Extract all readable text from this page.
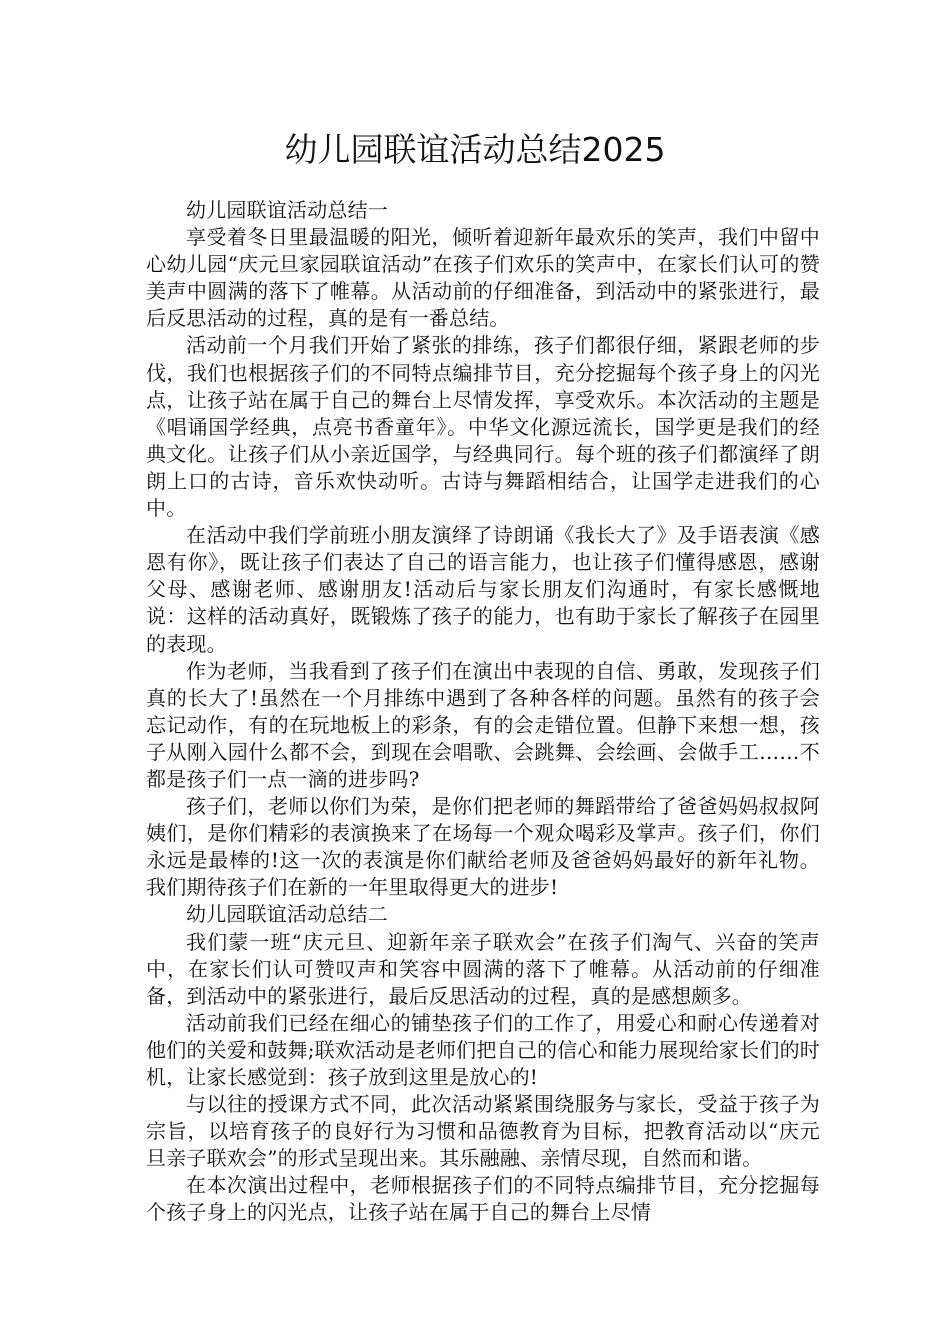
幼儿园联谊活动总结2025

幼儿园联谊活动总结一

享受着冬日里最温暖的阳光，倾听着迎新年最欢乐的笑声，我们中留中心幼儿园“庆元旦家园联谊活动”在孩子们欢乐的笑声中，在家长们认可的赞美声中圆满的落下了帷幕。从活动前的仔细准备，到活动中的紧张进行，最后反思活动的过程，真的是有一番总结。

活动前一个月我们开始了紧张的排练，孩子们都很仔细，紧跟老师的步伐，我们也根据孩子们的不同特点编排节目，充分挖掘每个孩子身上的闪光点，让孩子站在属于自己的舞台上尽情发挥，享受欢乐。本次活动的主题是《唱诵国学经典，点亮书香童年》。中华文化源远流长，国学更是我们的经典文化。让孩子们从小亲近国学，与经典同行。每个班的孩子们都演绎了朗朗上口的古诗，音乐欢快动听。古诗与舞蹈相结合，让国学走进我们的心中。

在活动中我们学前班小朋友演绎了诗朗诵《我长大了》及手语表演《感恩有你》，既让孩子们表达了自己的语言能力，也让孩子们懂得感恩，感谢父母、感谢老师、感谢朋友!活动后与家长朋友们沟通时，有家长感慨地说：这样的活动真好，既锻炼了孩子的能力，也有助于家长了解孩子在园里的表现。

作为老师，当我看到了孩子们在演出中表现的自信、勇敢，发现孩子们真的长大了!虽然在一个月排练中遇到了各种各样的问题。虽然有的孩子会忘记动作，有的在玩地板上的彩条，有的会走错位置。但静下来想一想，孩子从刚入园什么都不会，到现在会唱歌、会跳舞、会绘画、会做手工……不都是孩子们一点一滴的进步吗?

孩子们，老师以你们为荣，是你们把老师的舞蹈带给了爸爸妈妈叔叔阿姨们，是你们精彩的表演换来了在场每一个观众喝彩及掌声。孩子们，你们永远是最棒的!这一次的表演是你们献给老师及爸爸妈妈最好的新年礼物。我们期待孩子们在新的一年里取得更大的进步!

幼儿园联谊活动总结二

我们蒙一班“庆元旦、迎新年亲子联欢会”在孩子们淘气、兴奋的笑声中，在家长们认可赞叹声和笑容中圆满的落下了帷幕。从活动前的仔细准备，到活动中的紧张进行，最后反思活动的过程，真的是感想颇多。

活动前我们已经在细心的铺垫孩子们的工作了，用爱心和耐心传递着对他们的关爱和鼓舞;联欢活动是老师们把自己的信心和能力展现给家长们的时机，让家长感觉到：孩子放到这里是放心的!

与以往的授课方式不同，此次活动紧紧围绕服务与家长，受益于孩子为宗旨，以培育孩子的良好行为习惯和品德教育为目标，把教育活动以“庆元旦亲子联欢会”的形式呈现出来。其乐融融、亲情尽现，自然而和谐。

在本次演出过程中，老师根据孩子们的不同特点编排节目，充分挖掘每个孩子身上的闪光点，让孩子站在属于自己的舞台上尽情
